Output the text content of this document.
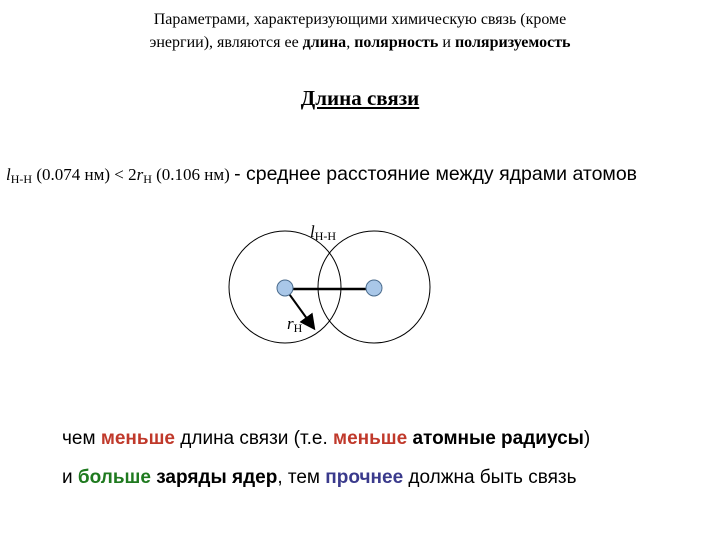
Параметрами, характеризующими химическую связь (кроме
энергии), являются ее длина, полярность и поляризуемость
Длина связи
$l_{H-H}$ (0.074 $нм) < 2r_H$ (0.106 нм) - среднее расстояние между ядрами атомов
$l_{H-H}$
$r_H$
чем меньше длина связи (т.е. меньше атомные радиусы)
и больше заряды ядер, тем прочнее должна быть связь
